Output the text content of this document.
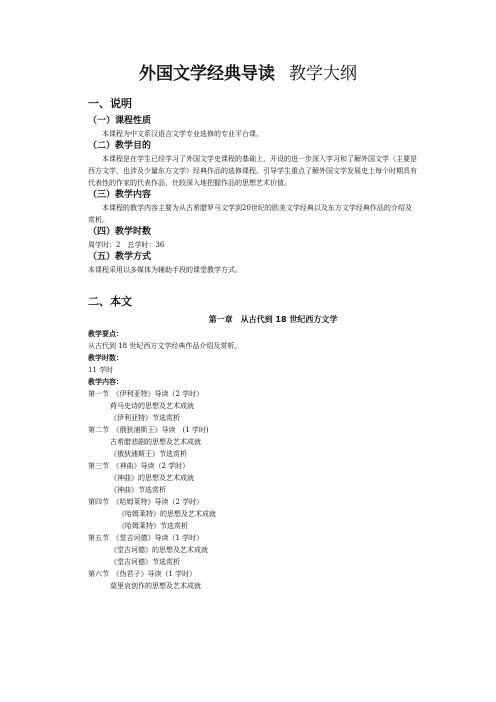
外国文学经典导读 教学大纲
一、说明
（一）课程性质

本课程为中文系汉语言文学专业选修的专业平台课。

（二）教学目的

本课程是在学生已经学习了外国文学史课程的基础上，开设的进一步深入学习和了解外国文学（主要是西方文学，也涉及少量东方文学）经典作品的选修课程。引导学生重点了解外国文学发展史上每个时期具有代表性的作家的代表作品，比较深入地把握作品的思想艺术价值。

（三）教学内容

本课程的教学内容主要为从古希腊罗马文学到20世纪的欧美文学经典以及东方文学经典作品的介绍及赏析。

（四）教学时数

周学时：2　总学时：36

（五）教学方式

本课程采用以多媒体为辅助手段的课堂教学方式。

二、本文
第一章　从古代到 18 世纪西方文学
教学要点：

从古代到 18 世纪西方文学经典作品介绍及赏析。

教学时数：

11 学时

教学内容：
第一节　《伊利亚特》导读（2 学时）
荷马史诗的思想及艺术成就
《伊利亚特》节选赏析
第二节　《俄狄浦斯王》导读　(1 学时)
古希腊悲剧的思想及艺术成就
《俄狄浦斯王》节选赏析
第三节　《神曲》导读（2 学时）
《神曲》的思想及艺术成就
《神曲》节选赏析
第四节　《哈姆莱特》导读（2 学时）
《哈姆莱特》的思想及艺术成就
《哈姆莱特》节选赏析
第五节　《堂吉诃德》导读（1 学时）
《堂吉诃德》的思想及艺术成就
《堂吉诃德》节选赏析
第六节　《伪君子》导读（1 学时）
莫里哀创作的思想及艺术成就
